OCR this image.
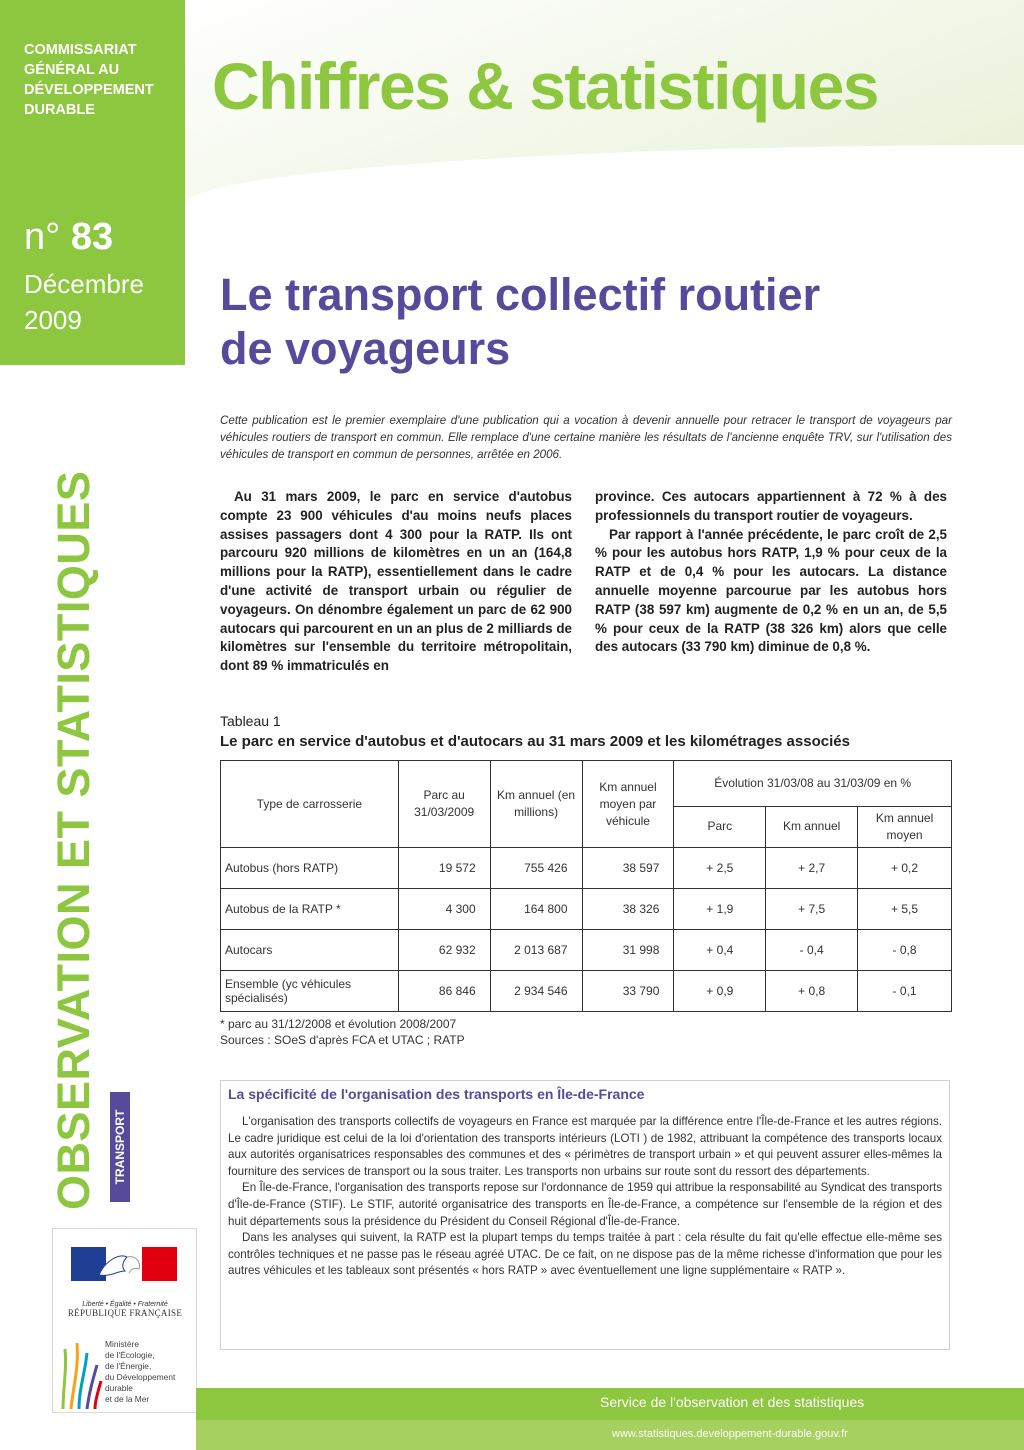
COMMISSARIAT
GÉNÉRAL AU
DÉVELOPPEMENT
DURABLE	Chiffres & statistiques
n° 83
Décembre
2009	Le transport collectif routier
de voyageurs

Cette publication est le premier exemplaire d'une publication qui a vocation à devenir annuelle pour retracer le transport de voyageurs par véhicules routiers de transport en commun. Elle remplace d'une certaine manière les résultats de l'ancienne enquête TRV, sur l'utilisation des véhicules de transport en commun de personnes, arrêtée en 2006.

Au 31 mars 2009, le parc en service d'autobus compte 23 900 véhicules d'au moins neufs places assises passagers dont 4 300 pour la RATP. Ils ont parcouru 920 millions de kilomètres en un an (164,8 millions pour la RATP), essentiellement dans le cadre d'une activité de transport urbain ou régulier de voyageurs. On dénombre également un parc de 62 900 autocars qui parcourent en un an plus de 2 milliards de kilomètres sur l'ensemble du territoire métropolitain, dont 89 % immatriculés en

province. Ces autocars appartiennent à 72 % à des professionnels du transport routier de voyageurs.

Par rapport à l'année précédente, le parc croît de 2,5 % pour les autobus hors RATP, 1,9 % pour ceux de la RATP et de 0,4 % pour les autocars. La distance annuelle moyenne parcourue par les autobus hors RATP (38 597 km) augmente de 0,2 % en un an, de 5,5 % pour ceux de la RATP (38 326 km) alors que celle des autocars (33 790 km) diminue de 0,8 %.

OBSERVATION ET STATISTIQUES TRANSPORT
Tableau 1
Le parc en service d'autobus et d'autocars au 31 mars 2009 et les kilométrages associés
Type de carrosserie	Parc au 31/03/2009	Km annuel (en millions)	Km annuel moyen par véhicule	Évolution 31/03/08 au 31/03/09 en %		
				Parc	Km annuel	Km annuel moyen
Autobus (hors RATP)	19 572	755 426	38 597	+ 2,5	+ 2,7	+ 0,2
Autobus de la RATP *	4 300	164 800	38 326	+ 1,9	+ 7,5	+ 5,5
Autocars	62 932	2 013 687	31 998	+ 0,4	- 0,4	- 0,8
Ensemble (yc véhicules spécialisés)	86 846	2 934 546	33 790	+ 0,9	+ 0,8	- 0,1
* parc au 31/12/2008 et évolution 2008/2007
Sources : SOeS d'après FCA et UTAC ; RATP
La spécificité de l'organisation des transports en Île-de-France

L'organisation des transports collectifs de voyageurs en France est marquée par la différence entre l'Île-de-France et les autres régions. Le cadre juridique est celui de la loi d'orientation des transports intérieurs (LOTI ) de 1982, attribuant la compétence des transports locaux aux autorités organisatrices responsables des communes et des « périmètres de transport urbain » et qui peuvent assurer elles-mêmes la fourniture des services de transport ou la sous traiter. Les transports non urbains sur route sont du ressort des départements.

En Île-de-France, l'organisation des transports repose sur l'ordonnance de 1959 qui attribue la responsabilité au Syndicat des transports d'Île-de-France (STIF). Le STIF, autorité organisatrice des transports en Île-de-France, a compétence sur l'ensemble de la région et des huit départements sous la présidence du Président du Conseil Régional d'Île-de-France.

Dans les analyses qui suivent, la RATP est la plupart temps du temps traitée à part : cela résulte du fait qu'elle effectue elle-même ses contrôles techniques et ne passe pas le réseau agréé UTAC. De ce fait, on ne dispose pas de la même richesse d'information que pour les autres véhicules et les tableaux sont présentés « hors RATP » avec éventuellement une ligne supplémentaire « RATP ».

Liberté • Égalité • Fraternité
RÉPUBLIQUE FRANÇAISE
Ministère
de l'Écologie,
de l'Énergie,
du Développement
durable
et de la Mer	Service de l'observation et des statistiques
www.statistiques.developpement-durable.gouv.fr
